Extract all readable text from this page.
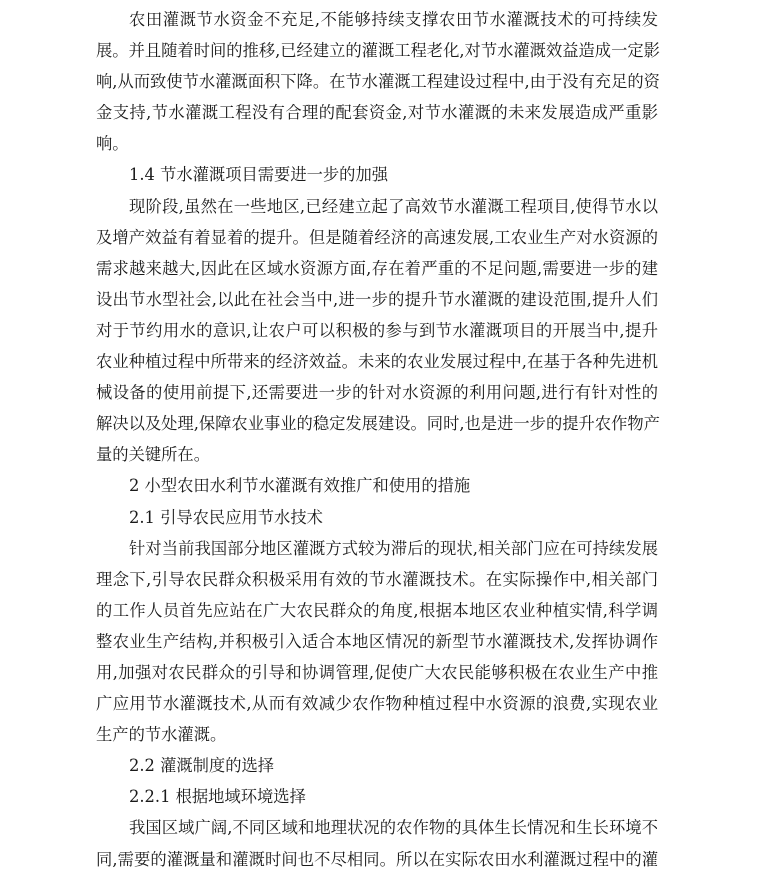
农田灌溉节水资金不充足,不能够持续支撑农田节水灌溉技术的可持续发
展。并且随着时间的推移,已经建立的灌溉工程老化,对节水灌溉效益造成一定影
响,从而致使节水灌溉面积下降。在节水灌溉工程建设过程中,由于没有充足的资
金支持,节水灌溉工程没有合理的配套资金,对节水灌溉的未来发展造成严重影
响。
1.4 节水灌溉项目需要进一步的加强
现阶段,虽然在一些地区,已经建立起了高效节水灌溉工程项目,使得节水以
及增产效益有着显着的提升。但是随着经济的高速发展,工农业生产对水资源的
需求越来越大,因此在区域水资源方面,存在着严重的不足问题,需要进一步的建
设出节水型社会,以此在社会当中,进一步的提升节水灌溉的建设范围,提升人们
对于节约用水的意识,让农户可以积极的参与到节水灌溉项目的开展当中,提升
农业种植过程中所带来的经济效益。未来的农业发展过程中,在基于各种先进机
械设备的使用前提下,还需要进一步的针对水资源的利用问题,进行有针对性的
解决以及处理,保障农业事业的稳定发展建设。同时,也是进一步的提升农作物产
量的关键所在。
2 小型农田水利节水灌溉有效推广和使用的措施
2.1 引导农民应用节水技术
针对当前我国部分地区灌溉方式较为滞后的现状,相关部门应在可持续发展
理念下,引导农民群众积极采用有效的节水灌溉技术。在实际操作中,相关部门
的工作人员首先应站在广大农民群众的角度,根据本地区农业种植实情,科学调
整农业生产结构,并积极引入适合本地区情况的新型节水灌溉技术,发挥协调作
用,加强对农民群众的引导和协调管理,促使广大农民能够积极在农业生产中推
广应用节水灌溉技术,从而有效减少农作物种植过程中水资源的浪费,实现农业
生产的节水灌溉。
2.2 灌溉制度的选择
2.2.1 根据地域环境选择
我国区域广阔,不同区域和地理状况的农作物的具体生长情况和生长环境不
同,需要的灌溉量和灌溉时间也不尽相同。所以在实际农田水利灌溉过程中的灌
